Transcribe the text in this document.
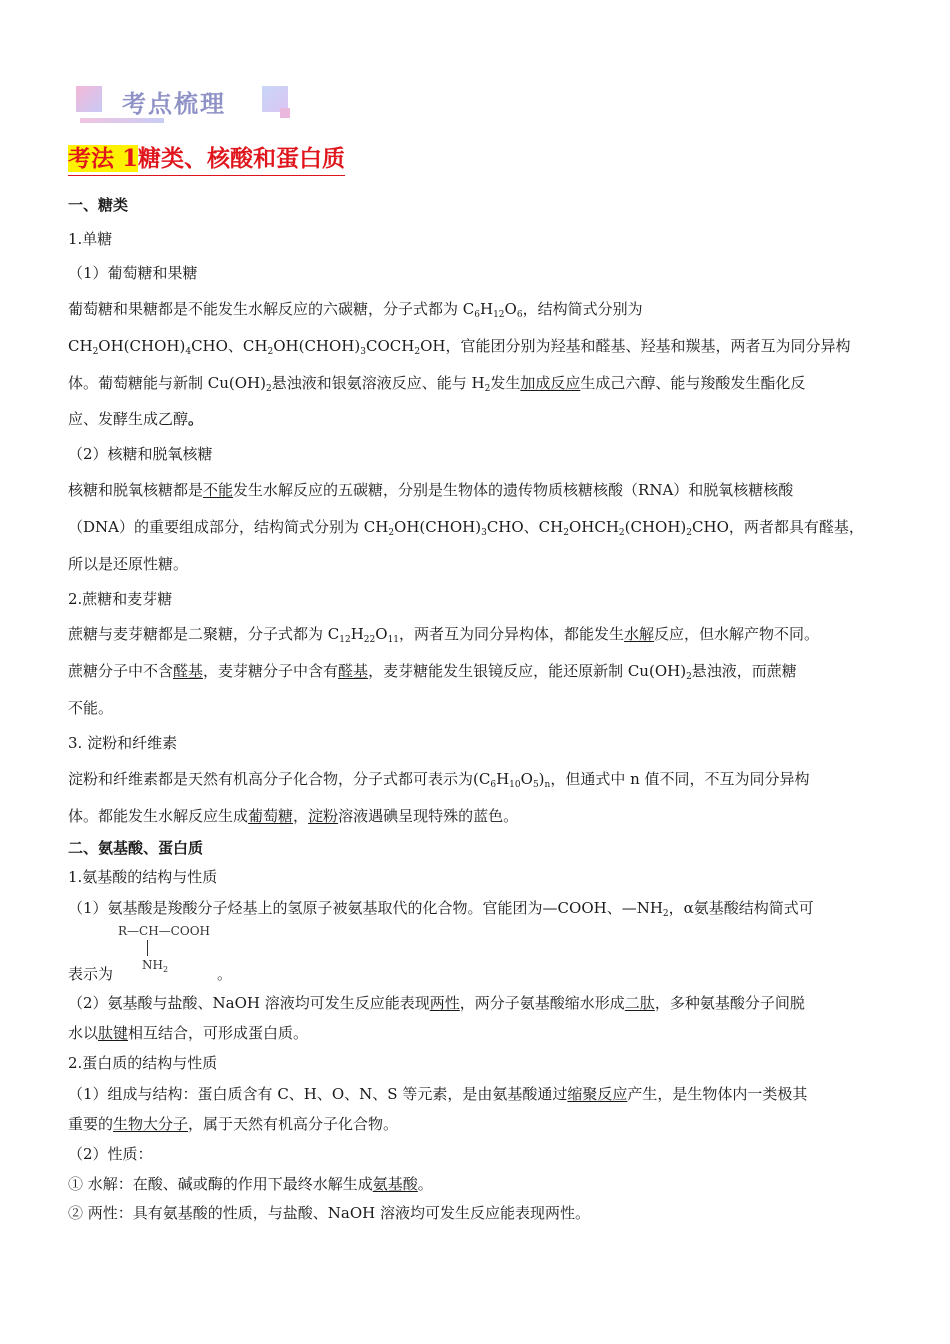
考点梳理
考法 1糖类、核酸和蛋白质
一、糖类
1.单糖
（1）葡萄糖和果糖
葡萄糖和果糖都是不能发生水解反应的六碳糖，分子式都为 $C_6H_{12}O_6$，结构简式分别为
$CH_2OH(CHOH)_4CHO$、$CH_2OH(CHOH)_3COCH_2OH$，官能团分别为羟基和醛基、羟基和羰基，两者互为同分异构
体。葡萄糖能与新制 $Cu(OH)_2$悬浊液和银氨溶液反应、能与 $H_2$发生加成反应生成己六醇、能与羧酸发生酯化反
应、发酵生成乙醇。
（2）核糖和脱氧核糖
核糖和脱氧核糖都是不能发生水解反应的五碳糖，分别是生物体的遗传物质核糖核酸（RNA）和脱氧核糖核酸
（DNA）的重要组成部分，结构简式分别为 $CH_2OH(CHOH)_3CHO$、$CH_2OHCH_2(CHOH)_2CHO$，两者都具有醛基，
所以是还原性糖。
2.蔗糖和麦芽糖
蔗糖与麦芽糖都是二聚糖，分子式都为 $C_{12}H_{22}O_{11}$，两者互为同分异构体，都能发生水解反应，但水解产物不同。
蔗糖分子中不含醛基，麦芽糖分子中含有醛基，麦芽糖能发生银镜反应，能还原新制 $Cu(OH)_2$悬浊液，而蔗糖
不能。
3. 淀粉和纤维素
淀粉和纤维素都是天然有机高分子化合物，分子式都可表示为$(C_6H_{10}O_5)_n$，但通式中 n 值不同，不互为同分异构
体。都能发生水解反应生成葡萄糖，淀粉溶液遇碘呈现特殊的蓝色。
二、氨基酸、蛋白质
1.氨基酸的结构与性质
（1）氨基酸是羧酸分子烃基上的氢原子被氨基取代的化合物。官能团为—COOH、$—NH_2$，α氨基酸结构简式可
R—CH—COOH
$NH_2$
表示为	。
（2）氨基酸与盐酸、NaOH 溶液均可发生反应能表现两性，两分子氨基酸缩水形成二肽，多种氨基酸分子间脱
水以肽键相互结合，可形成蛋白质。
2.蛋白质的结构与性质
（1）组成与结构：蛋白质含有 C、H、O、N、S 等元素，是由氨基酸通过缩聚反应产生，是生物体内一类极其
重要的生物大分子，属于天然有机高分子化合物。
（2）性质：
① 水解：在酸、碱或酶的作用下最终水解生成氨基酸。
② 两性：具有氨基酸的性质，与盐酸、NaOH 溶液均可发生反应能表现两性。
